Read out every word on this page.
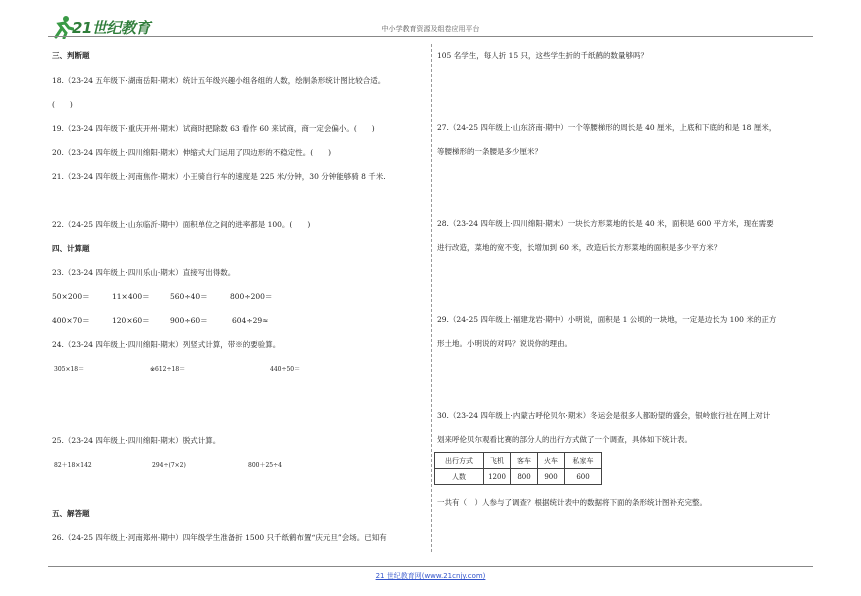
21世纪教育	中小学教育资源及组卷应用平台
三、判断题
18.（23-24 五年级下·湖南岳阳·期末）统计五年级兴趣小组各组的人数，绘制条形统计图比较合适。
(　　)
19.（23-24 四年级下·重庆开州·期末）试商时把除数 63 看作 60 来试商，商一定会偏小。(　　)
20.（23-24 四年级上·四川绵阳·期末）伸缩式大门运用了四边形的不稳定性。(　　)
21.（23-24 四年级上·河南焦作·期末）小王骑自行车的速度是 225 米/分钟，30 分钟能够骑 8 千米.
22.（24-25 四年级上·山东临沂·期中）面积单位之间的进率都是 100。(　　)
四、计算题
23.（23-24 四年级上·四川乐山·期末）直接写出得数。
50×200＝	11×400＝	560÷40＝	800÷200＝
400×70＝	120×60＝	900÷60＝	604÷29≈
24.（23-24 四年级上·四川绵阳·期末）列竖式计算，带※的要验算。
305×18＝	※612÷18＝	440÷50＝
25.（23-24 四年级上·四川绵阳·期末）脱式计算。
82＋18×142	294÷(7×2)	800＋25÷4
五、解答题
26.（24-25 四年级上·河南郑州·期中）四年级学生准备折 1500 只千纸鹤布置“庆元旦”会场。已知有
105 名学生，每人折 15 只，这些学生折的千纸鹤的数量够吗？
27.（24-25 四年级上·山东济南·期中）一个等腰梯形的周长是 40 厘米，上底和下底的和是 18 厘米，
等腰梯形的一条腰是多少厘米？
28.（23-24 四年级上·四川绵阳·期末）一块长方形菜地的长是 40 米，面积是 600 平方米，现在需要
进行改造，菜地的宽不变，长增加到 60 米，改造后长方形菜地的面积是多少平方米？
29.（24-25 四年级上·福建龙岩·期中）小明说，面积是 1 公顷的一块地，一定是边长为 100 米的正方
形土地。小明说的对吗？说说你的理由。
30.（23-24 四年级上·内蒙古呼伦贝尔·期末）冬运会是很多人都盼望的盛会，银岭旅行社在网上对计
划来呼伦贝尔观看比赛的部分人的出行方式做了一个调查，具体如下统计表。
出行方式	飞机	客车	火车	私家车
人数	1200	800	900	600
一共有（　）人参与了调查？根据统计表中的数据将下面的条形统计图补充完整。
21 世纪教育网(www.21cnjy.com)
